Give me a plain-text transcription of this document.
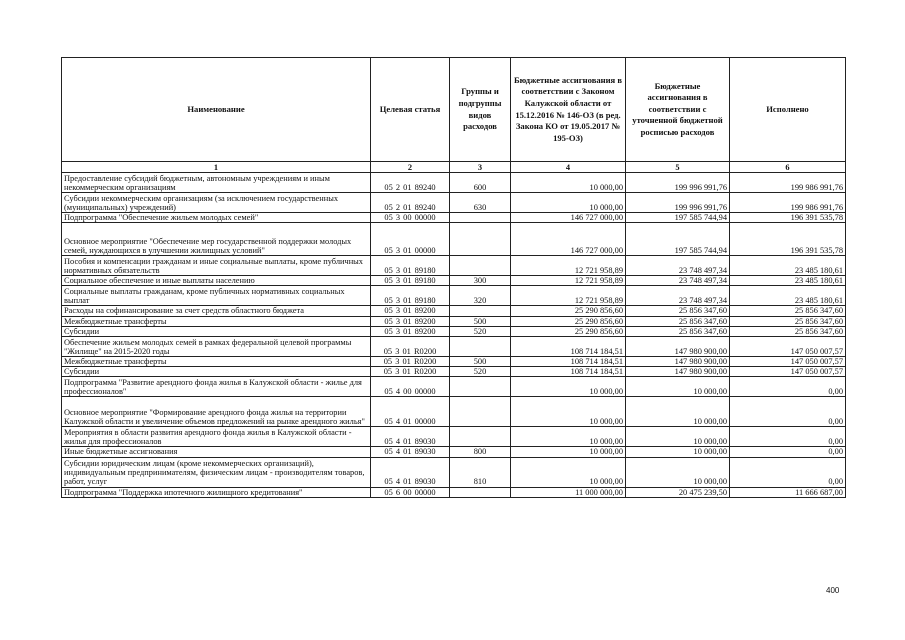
Наименование	Целевая статья	Группы и подгруппы видов расходов	Бюджетные ассигнования в соответствии с Законом Калужской области от 15.12.2016 № 146-ОЗ (в ред. Закона КО от 19.05.2017 № 195-ОЗ)	Бюджетные ассигнования в соответствии с уточненной бюджетной росписью расходов	Исполнено
1	2	3	4	5	6
Предоставление субсидий бюджетным, автономным учреждениям и иным некоммерческим организациям	05 2 01 89240	600	10 000,00	199 996 991,76	199 986 991,76
Субсидии некоммерческим организациям (за исключением государственных (муниципальных) учреждений)	05 2 01 89240	630	10 000,00	199 996 991,76	199 986 991,76
Подпрограмма "Обеспечение жильем молодых семей"	05 3 00 00000		146 727 000,00	197 585 744,94	196 391 535,78
Основное мероприятие "Обеспечение мер государственной поддержки молодых семей, нуждающихся в улучшении жилищных условий"	05 3 01 00000		146 727 000,00	197 585 744,94	196 391 535,78
Пособия и компенсации гражданам и иные социальные выплаты, кроме публичных нормативных обязательств	05 3 01 89180		12 721 958,89	23 748 497,34	23 485 180,61
Социальное обеспечение и иные выплаты населению	05 3 01 89180	300	12 721 958,89	23 748 497,34	23 485 180,61
Социальные выплаты гражданам, кроме публичных нормативных социальных выплат	05 3 01 89180	320	12 721 958,89	23 748 497,34	23 485 180,61
Расходы на софинансирование за счет средств областного бюджета	05 3 01 89200		25 290 856,60	25 856 347,60	25 856 347,60
Межбюджетные трансферты	05 3 01 89200	500	25 290 856,60	25 856 347,60	25 856 347,60
Субсидии	05 3 01 89200	520	25 290 856,60	25 856 347,60	25 856 347,60
Обеспечение жильем молодых семей в рамках федеральной целевой программы "Жилище" на 2015-2020 годы	05 3 01 R0200		108 714 184,51	147 980 900,00	147 050 007,57
Межбюджетные трансферты	05 3 01 R0200	500	108 714 184,51	147 980 900,00	147 050 007,57
Субсидии	05 3 01 R0200	520	108 714 184,51	147 980 900,00	147 050 007,57
Подпрограмма "Развитие арендного фонда жилья в Калужской области - жилье для профессионалов"	05 4 00 00000		10 000,00	10 000,00	0,00
Основное мероприятие "Формирование арендного фонда жилья на территории Калужской области и увеличение объемов предложений на рынке арендного жилья"	05 4 01 00000		10 000,00	10 000,00	0,00
Мероприятия в области развития арендного фонда жилья в Калужской области - жилья для профессионалов	05 4 01 89030		10 000,00	10 000,00	0,00
Иные бюджетные ассигнования	05 4 01 89030	800	10 000,00	10 000,00	0,00
Субсидии юридическим лицам (кроме некоммерческих организаций), индивидуальным предпринимателям, физическим лицам - производителям товаров, работ, услуг	05 4 01 89030	810	10 000,00	10 000,00	0,00
Подпрограмма "Поддержка ипотечного жилищного кредитования"	05 6 00 00000		11 000 000,00	20 475 239,50	11 666 687,00
400
